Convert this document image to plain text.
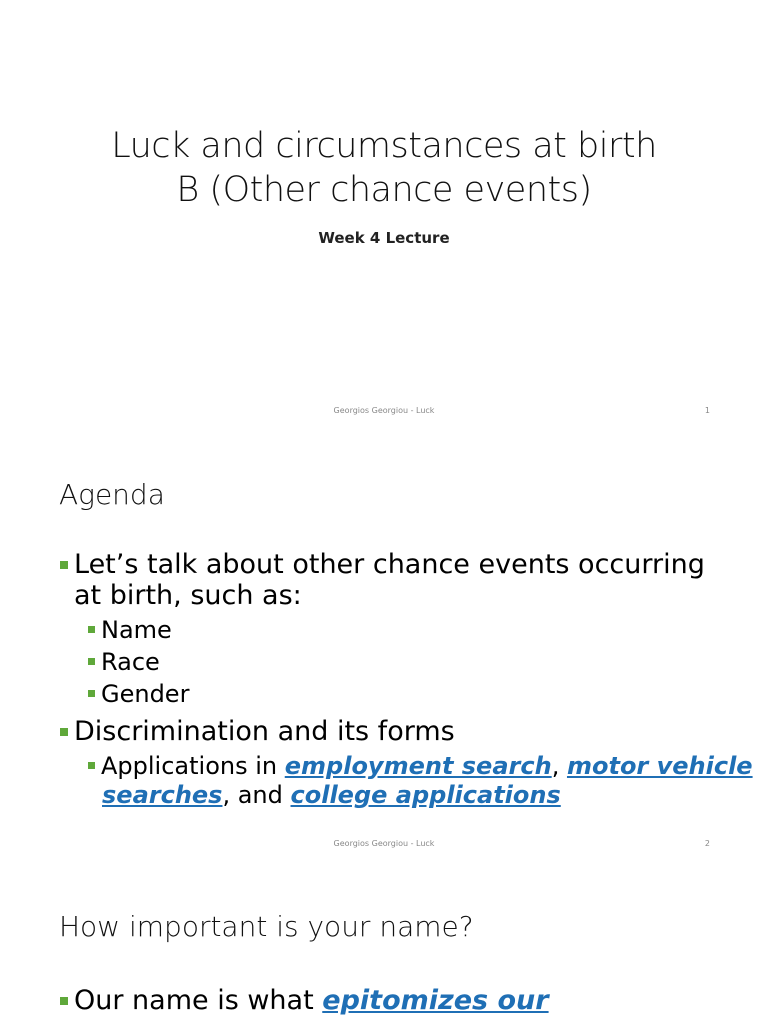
Luck and circumstances at birth
B (Other chance events)
Week 4 Lecture
Georgios Georgiou - Luck	1
Agenda
Let’s talk about other chance events occurring
at birth, such as:
Name
Race
Gender
Discrimination and its forms
Applications in employment search, motor vehicle
searches, and college applications
Georgios Georgiou - Luck	2
How important is your name?
Our name is what epitomizes our
